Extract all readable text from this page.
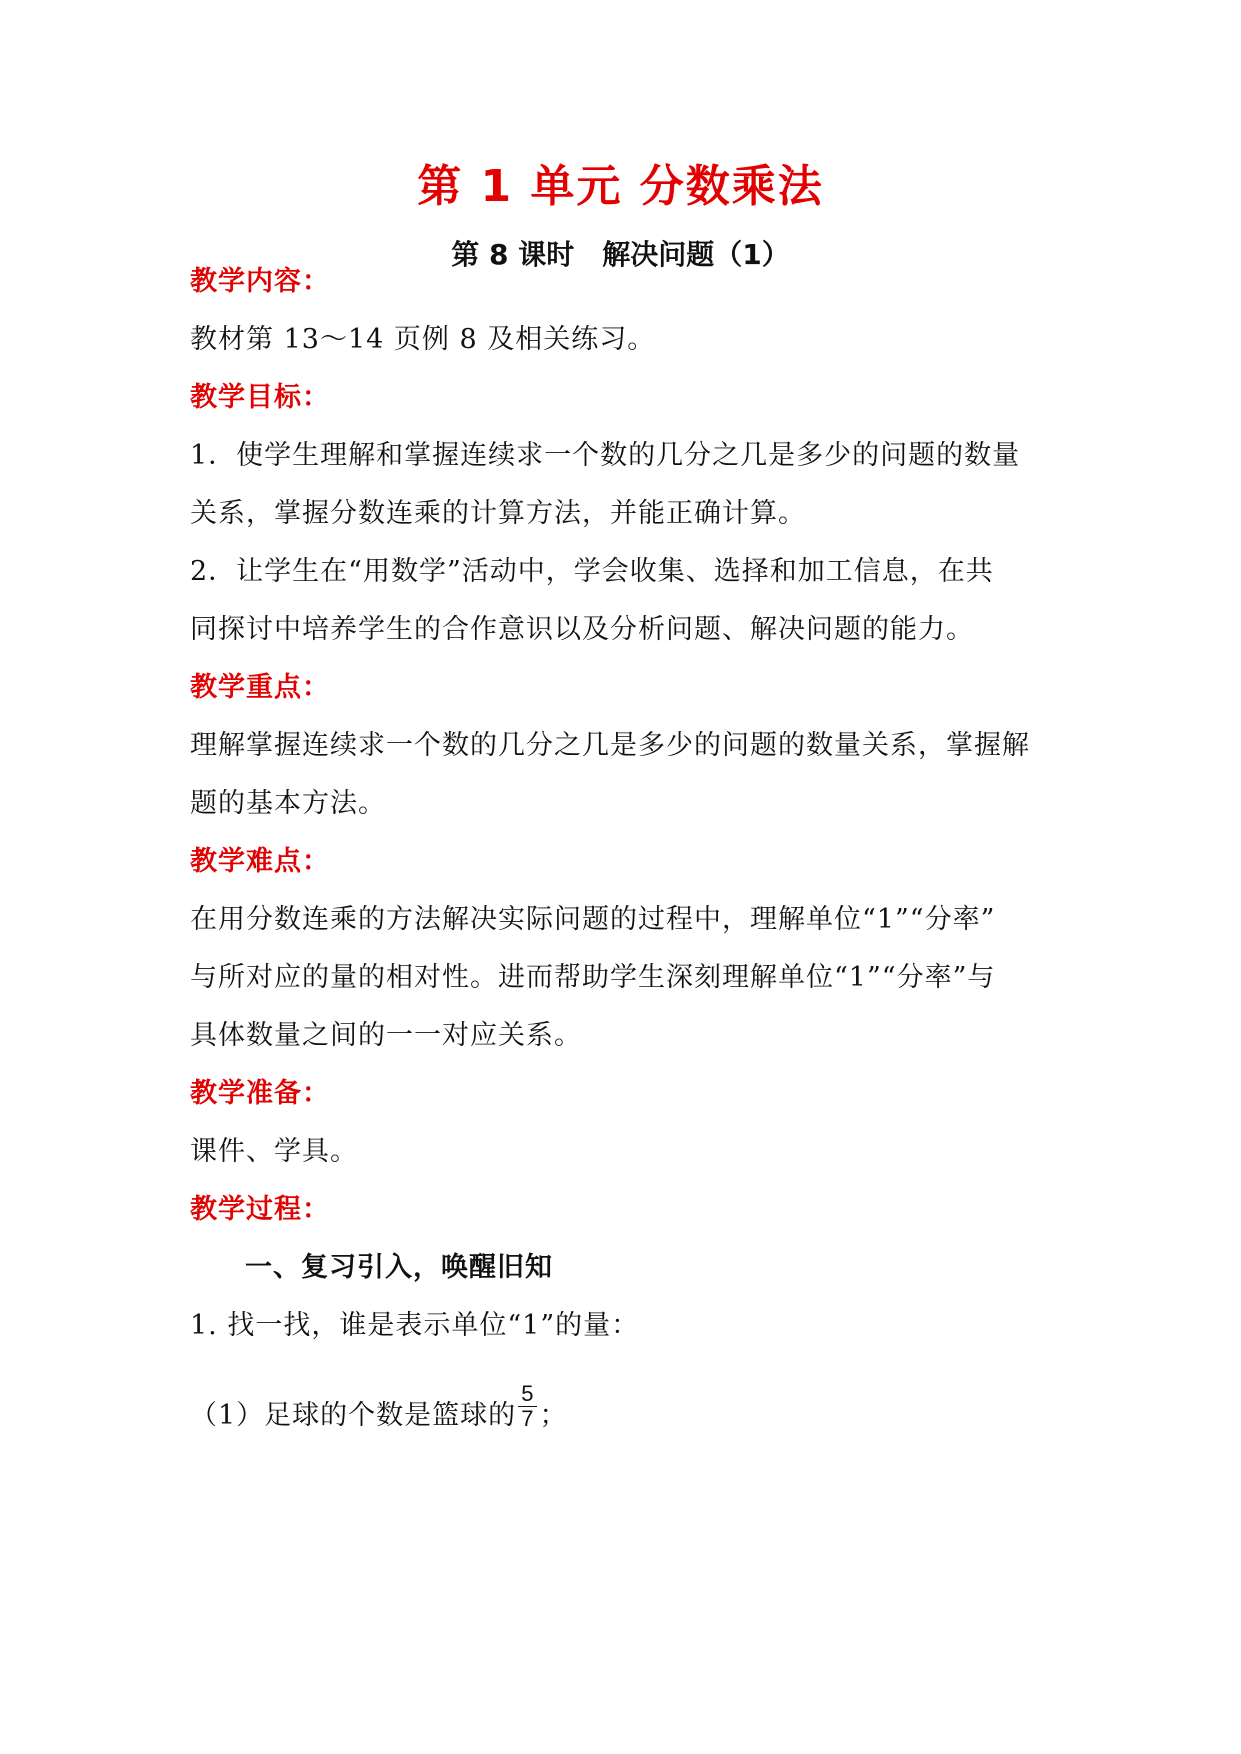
第 1 单元 分数乘法
第 8 课时　解决问题（1）
教学内容：
教材第 13～14 页例 8 及相关练习。
教学目标：
1．使学生理解和掌握连续求一个数的几分之几是多少的问题的数量
关系，掌握分数连乘的计算方法，并能正确计算。
2．让学生在“用数学”活动中，学会收集、选择和加工信息，在共
同探讨中培养学生的合作意识以及分析问题、解决问题的能力。
教学重点：
理解掌握连续求一个数的几分之几是多少的问题的数量关系，掌握解
题的基本方法。
教学难点：
在用分数连乘的方法解决实际问题的过程中，理解单位“1”“分率”
与所对应的量的相对性。进而帮助学生深刻理解单位“1”“分率”与
具体数量之间的一一对应关系。
教学准备：
课件、学具。
教学过程：
一、复习引入，唤醒旧知
1. 找一找，谁是表示单位“1”的量：
（1）足球的个数是篮球的 $\frac{5}{7}$ ；
